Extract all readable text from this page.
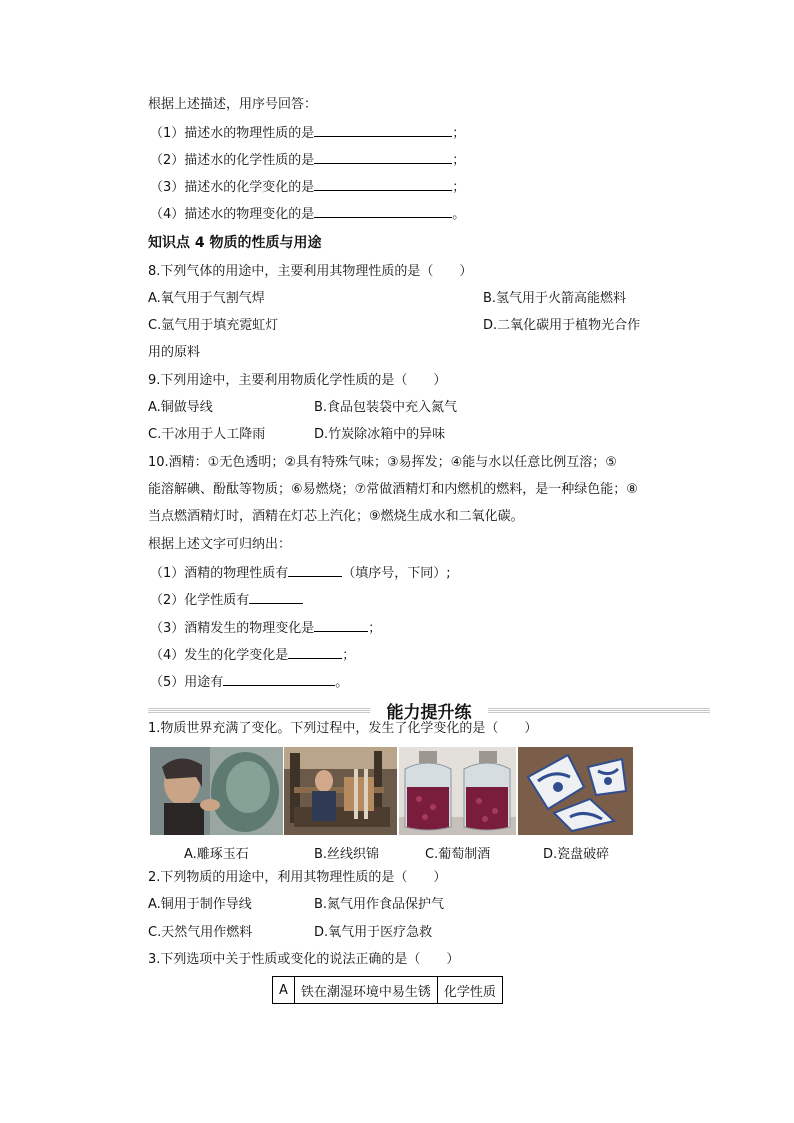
根据上述描述，用序号回答：
（1）描述水的物理性质的是	；
（2）描述水的化学性质的是	；
（3）描述水的化学变化的是	；
（4）描述水的物理变化的是	。
知识点 4 物质的性质与用途
8.下列气体的用途中，主要利用其物理性质的是（　　）
A.氧气用于气割气焊	B.氢气用于火箭高能燃料
C.氩气用于填充霓虹灯	D.二氧化碳用于植物光合作
用的原料
9.下列用途中，主要利用物质化学性质的是（　　）
A.铜做导线	B.食品包装袋中充入氮气
C.干冰用于人工降雨	D.竹炭除冰箱中的异味
10.酒精：①无色透明；②具有特殊气味；③易挥发；④能与水以任意比例互溶；⑤
能溶解碘、酚酞等物质；⑥易燃烧；⑦常做酒精灯和内燃机的燃料，是一种绿色能；⑧
当点燃酒精灯时，酒精在灯芯上汽化；⑨燃烧生成水和二氧化碳。
根据上述文字可归纳出：
（1）酒精的物理性质有	（填序号，下同）;
（2）化学性质有
（3）酒精发生的物理变化是	；
（4）发生的化学变化是	；
（5）用途有	。
能力提升练
1.物质世界充满了变化。下列过程中，发生了化学变化的是（　　）
A.雕琢玉石	B.丝线织锦	C.葡萄制酒	D.瓷盘破碎
2.下列物质的用途中，利用其物理性质的是（　　）
A.铜用于制作导线	B.氮气用作食品保护气
C.天然气用作燃料	D.氧气用于医疗急救
3.下列选项中关于性质或变化的说法正确的是（　　）
A	铁在潮湿环境中易生锈	化学性质
